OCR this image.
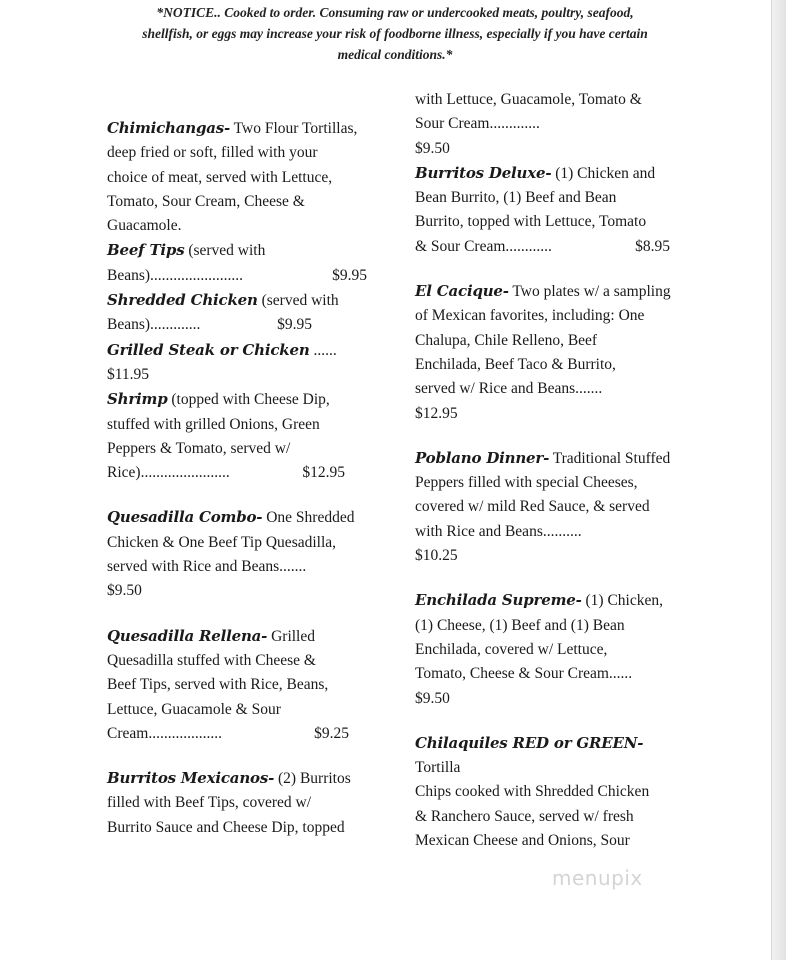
*NOTICE.. Cooked to order. Consuming raw or undercooked meats, poultry, seafood,
shellfish, or eggs may increase your risk of foodborne illness, especially if you have certain
medical conditions.*
Chimichangas- Two Flour Tortillas,
deep fried or soft, filled with your
choice of meat, served with Lettuce,
Tomato, Sour Cream, Cheese &
Guacamole.
Beef Tips (served with
Beans)........................	$9.95
Shredded Chicken (served with
Beans).............	$9.95
Grilled Steak or Chicken ......
$11.95
Shrimp (topped with Cheese Dip,
stuffed with grilled Onions, Green
Peppers & Tomato, served w/
Rice).......................	$12.95
Quesadilla Combo- One Shredded
Chicken & One Beef Tip Quesadilla,
served with Rice and Beans.......
$9.50
Quesadilla Rellena- Grilled
Quesadilla stuffed with Cheese &
Beef Tips, served with Rice, Beans,
Lettuce, Guacamole & Sour
Cream...................	$9.25
Burritos Mexicanos- (2) Burritos
filled with Beef Tips, covered w/
Burrito Sauce and Cheese Dip, topped
with Lettuce, Guacamole, Tomato &
Sour Cream.............
$9.50
Burritos Deluxe- (1) Chicken and
Bean Burrito, (1) Beef and Bean
Burrito, topped with Lettuce, Tomato
& Sour Cream............	$8.95
El Cacique- Two plates w/ a sampling
of Mexican favorites, including: One
Chalupa, Chile Relleno, Beef
Enchilada, Beef Taco & Burrito,
served w/ Rice and Beans.......
$12.95
Poblano Dinner- Traditional Stuffed
Peppers filled with special Cheeses,
covered w/ mild Red Sauce, & served
with Rice and Beans..........
$10.25
Enchilada Supreme- (1) Chicken,
(1) Cheese, (1) Beef and (1) Bean
Enchilada, covered w/ Lettuce,
Tomato, Cheese & Sour Cream......
$9.50
Chilaquiles RED or GREEN- Tortilla
Chips cooked with Shredded Chicken
& Ranchero Sauce, served w/ fresh
Mexican Cheese and Onions, Sour
menupix
